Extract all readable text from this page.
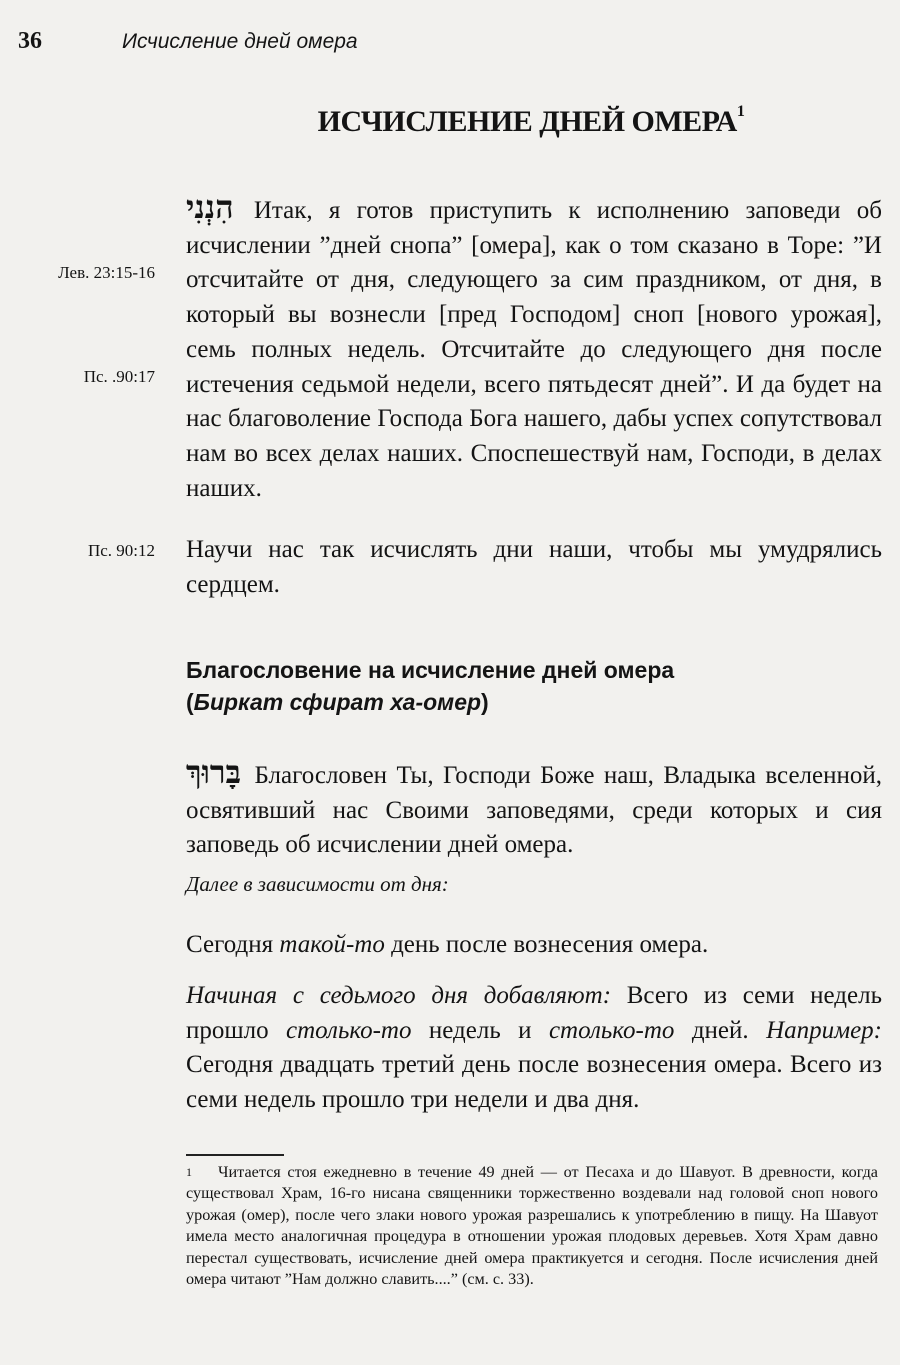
36	Исчисление дней омера
ИСЧИСЛЕНИЕ ДНЕЙ ОМЕРА$^1$
Лев. 23:15-16
Пс. .90:17
Пс. 90:12

הִנְנִי Итак, я готов приступить к исполнению заповеди об исчислении ”дней снопа” [омера], как о том сказано в Торе: ”И отсчитайте от дня, следующего за сим праздником, от дня, в который вы вознесли [пред Господом] сноп [нового урожая], семь полных недель. Отсчитайте до следующего дня после истечения седьмой недели, всего пятьдесят дней”. И да будет на нас благоволение Господа Бога нашего, дабы успех сопутствовал нам во всех делах наших. Споспешествуй нам, Господи, в делах наших.

Научи нас так исчислять дни наши, чтобы мы умудрялись сердцем.

Благословение на исчисление дней омера
(Биркат сфират ха-омер)

בָּרוּךְ Благословен Ты, Господи Боже наш, Владыка вселенной, освятивший нас Своими заповедями, среди которых и сия заповедь об исчислении дней омера.

Далее в зависимости от дня:

Сегодня такой-то день после вознесения омера.

Начиная с седьмого дня добавляют: Всего из семи недель прошло столько-то недель и столько-то дней. Например: Сегодня двадцать третий день после вознесения омера. Всего из семи недель прошло три недели и два дня.

1 Читается стоя ежедневно в течение 49 дней — от Песаха и до Шавуот. В древности, когда существовал Храм, 16-го нисана священники торжественно воздевали над головой сноп нового урожая (омер), после чего злаки нового урожая разрешались к употреблению в пищу. На Шавуот имела место аналогичная процедура в отношении урожая плодовых деревьев. Хотя Храм давно перестал существовать, исчисление дней омера практикуется и сегодня. После исчисления дней омера читают ”Нам должно славить....” (см. с. 33).
